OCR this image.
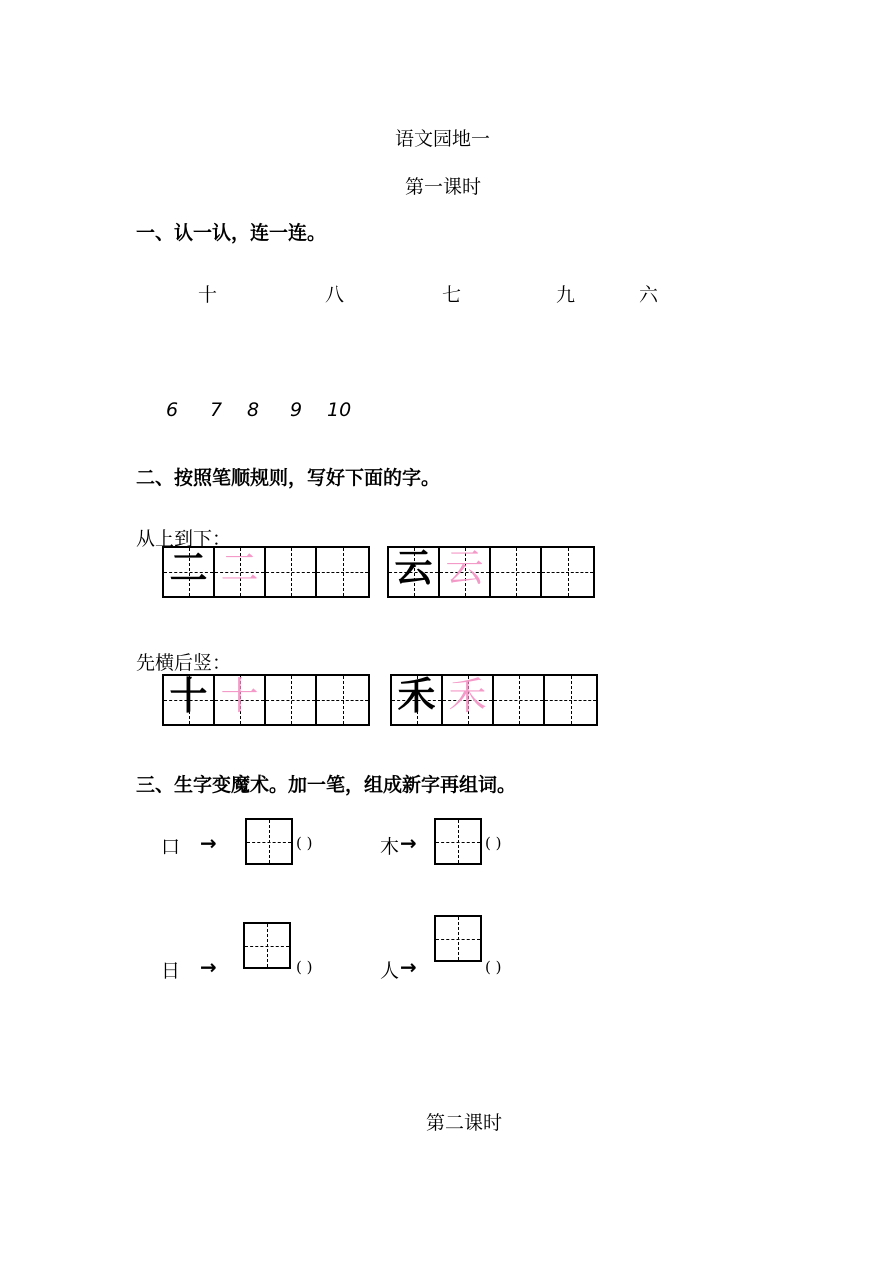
语文园地一
第一课时
一、认一认，连一连。
十	八	七	九	六
6 7 8 9 10
二、按照笔顺规则，写好下面的字。
从上到下：
二 二	云 云
先横后竖：
十 十	禾 禾
三、生字变魔术。加一笔，组成新字再组词。
口 →	( )	木 →	( )
日 →	( )	人 →	( )
第二课时
